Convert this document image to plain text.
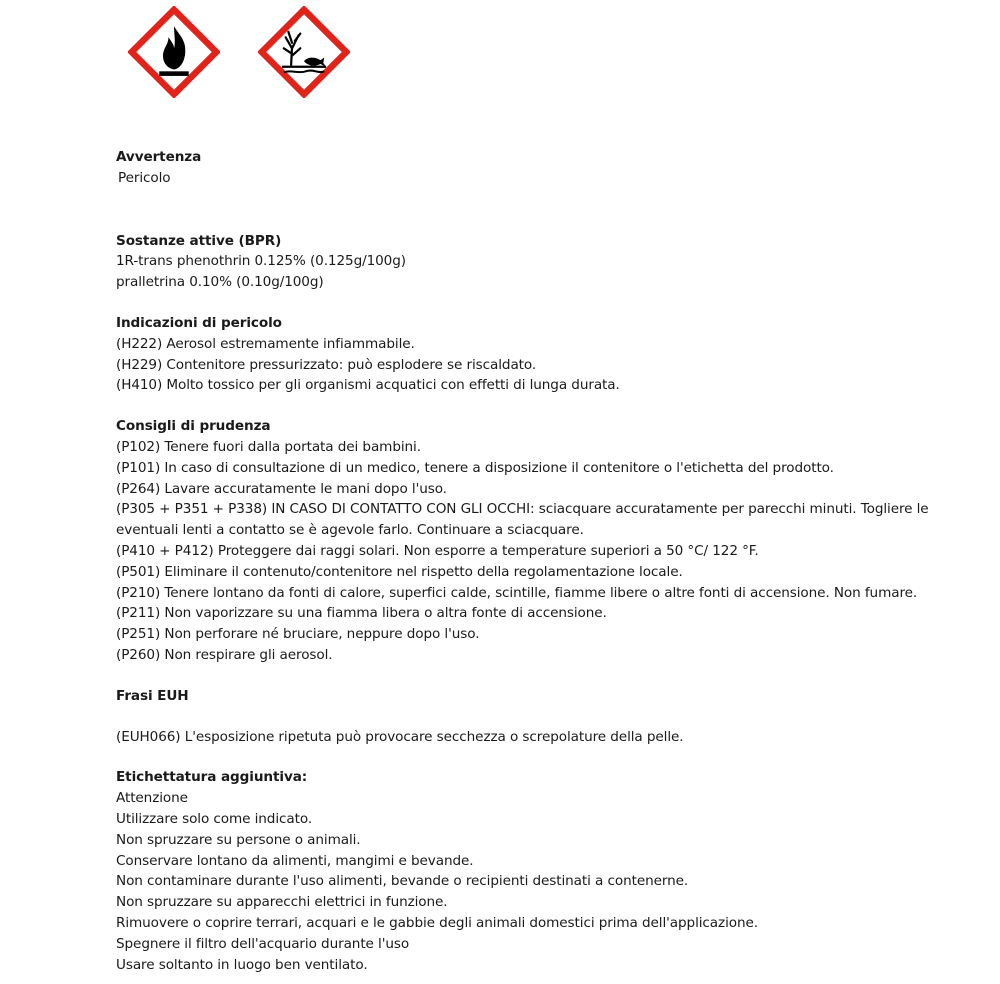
Avvertenza

Pericolo

Sostanze attive (BPR)

1R-trans phenothrin 0.125% (0.125g/100g)

pralletrina 0.10% (0.10g/100g)

Indicazioni di pericolo

(H222) Aerosol estremamente infiammabile.

(H229) Contenitore pressurizzato: può esplodere se riscaldato.

(H410) Molto tossico per gli organismi acquatici con effetti di lunga durata.

Consigli di prudenza

(P102) Tenere fuori dalla portata dei bambini.

(P101) In caso di consultazione di un medico, tenere a disposizione il contenitore o l'etichetta del prodotto.

(P264) Lavare accuratamente le mani dopo l'uso.

(P305 + P351 + P338) IN CASO DI CONTATTO CON GLI OCCHI: sciacquare accuratamente per parecchi minuti. Togliere le eventuali lenti a contatto se è agevole farlo. Continuare a sciacquare.

(P410 + P412) Proteggere dai raggi solari. Non esporre a temperature superiori a 50 °C/ 122 °F.

(P501) Eliminare il contenuto/contenitore nel rispetto della regolamentazione locale.

(P210) Tenere lontano da fonti di calore, superfici calde, scintille, fiamme libere o altre fonti di accensione. Non fumare.

(P211) Non vaporizzare su una fiamma libera o altra fonte di accensione.

(P251) Non perforare né bruciare, neppure dopo l'uso.

(P260) Non respirare gli aerosol.

Frasi EUH

(EUH066) L'esposizione ripetuta può provocare secchezza o screpolature della pelle.

Etichettatura aggiuntiva:

Attenzione

Utilizzare solo come indicato.

Non spruzzare su persone o animali.

Conservare lontano da alimenti, mangimi e bevande.

Non contaminare durante l'uso alimenti, bevande o recipienti destinati a contenerne.

Non spruzzare su apparecchi elettrici in funzione.

Rimuovere o coprire terrari, acquari e le gabbie degli animali domestici prima dell'applicazione.

Spegnere il filtro dell'acquario durante l'uso

Usare soltanto in luogo ben ventilato.
